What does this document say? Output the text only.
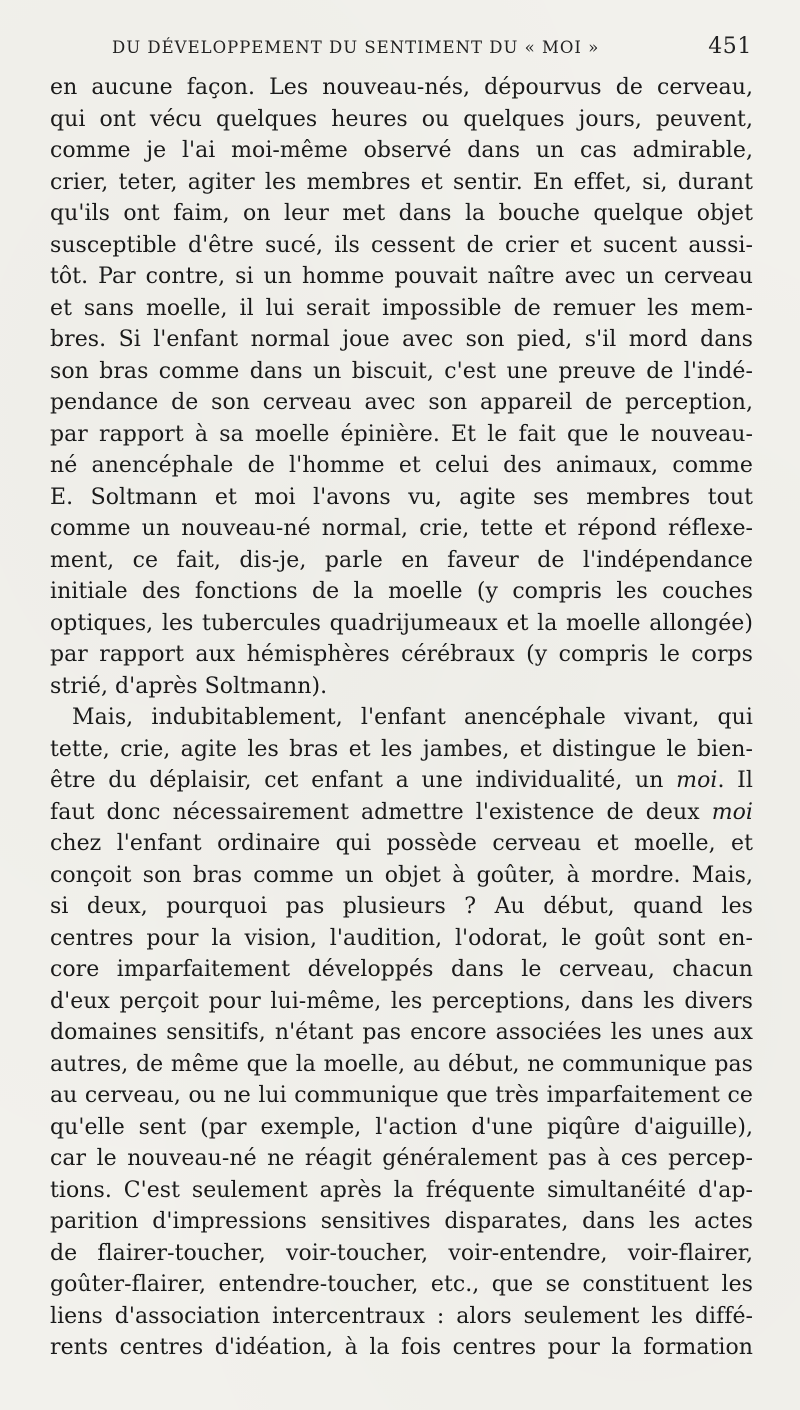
DU DÉVELOPPEMENT DU SENTIMENT DU « MOI »	451
en aucune façon. Les nouveau-nés, dépourvus de cerveau,
qui ont vécu quelques heures ou quelques jours, peuvent,
comme je l'ai moi-même observé dans un cas admirable,
crier, teter, agiter les membres et sentir. En effet, si, durant
qu'ils ont faim, on leur met dans la bouche quelque objet
susceptible d'être sucé, ils cessent de crier et sucent aussi-
tôt. Par contre, si un homme pouvait naître avec un cerveau
et sans moelle, il lui serait impossible de remuer les mem-
bres. Si l'enfant normal joue avec son pied, s'il mord dans
son bras comme dans un biscuit, c'est une preuve de l'indé-
pendance de son cerveau avec son appareil de perception,
par rapport à sa moelle épinière. Et le fait que le nouveau-
né anencéphale de l'homme et celui des animaux, comme
E. Soltmann et moi l'avons vu, agite ses membres tout
comme un nouveau-né normal, crie, tette et répond réflexe-
ment, ce fait, dis-je, parle en faveur de l'indépendance
initiale des fonctions de la moelle (y compris les couches
optiques, les tubercules quadrijumeaux et la moelle allongée)
par rapport aux hémisphères cérébraux (y compris le corps
strié, d'après Soltmann).
Mais, indubitablement, l'enfant anencéphale vivant, qui
tette, crie, agite les bras et les jambes, et distingue le bien-
être du déplaisir, cet enfant a une individualité, un moi. Il
faut donc nécessairement admettre l'existence de deux moi
chez l'enfant ordinaire qui possède cerveau et moelle, et
conçoit son bras comme un objet à goûter, à mordre. Mais,
si deux, pourquoi pas plusieurs ? Au début, quand les
centres pour la vision, l'audition, l'odorat, le goût sont en-
core imparfaitement développés dans le cerveau, chacun
d'eux perçoit pour lui-même, les perceptions, dans les divers
domaines sensitifs, n'étant pas encore associées les unes aux
autres, de même que la moelle, au début, ne communique pas
au cerveau, ou ne lui communique que très imparfaitement ce
qu'elle sent (par exemple, l'action d'une piqûre d'aiguille),
car le nouveau-né ne réagit généralement pas à ces percep-
tions. C'est seulement après la fréquente simultanéité d'ap-
parition d'impressions sensitives disparates, dans les actes
de flairer-toucher, voir-toucher, voir-entendre, voir-flairer,
goûter-flairer, entendre-toucher, etc., que se constituent les
liens d'association intercentraux : alors seulement les diffé-
rents centres d'idéation, à la fois centres pour la formation
